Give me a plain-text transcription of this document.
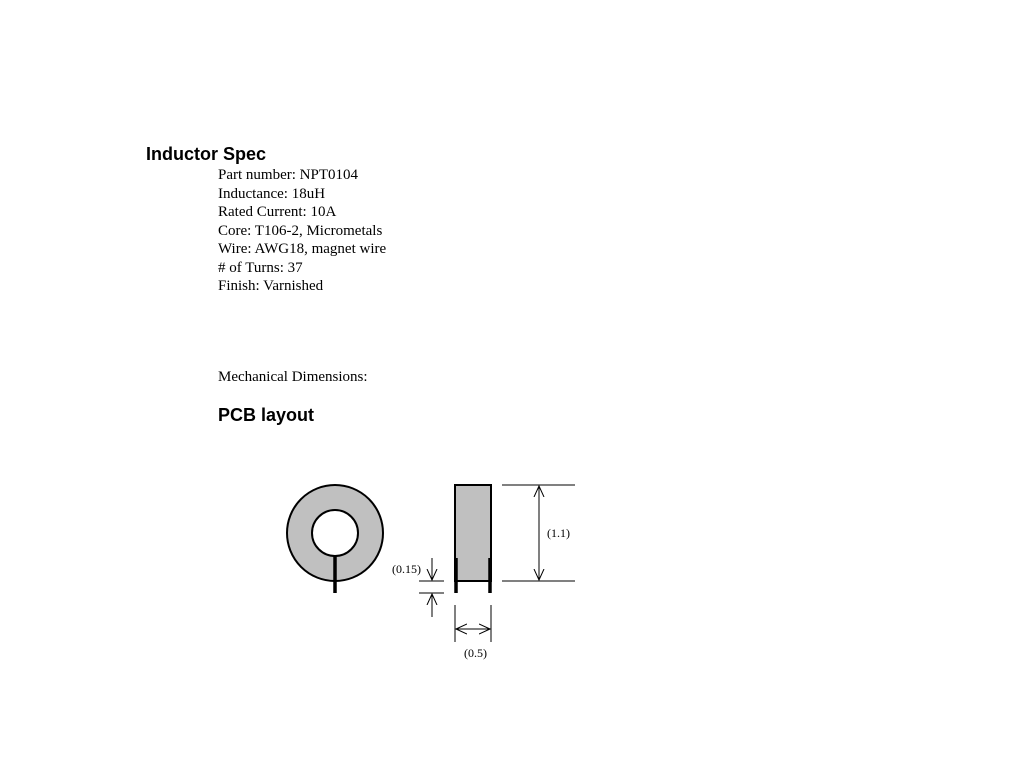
Inductor Spec
Part number: NPT0104
Inductance: 18uH
Rated Current: 10A
Core: T106-2, Micrometals
Wire: AWG18, magnet wire
# of Turns: 37
Finish: Varnished
Mechanical Dimensions:
PCB layout
(1.1)
(0.15)
(0.5)
